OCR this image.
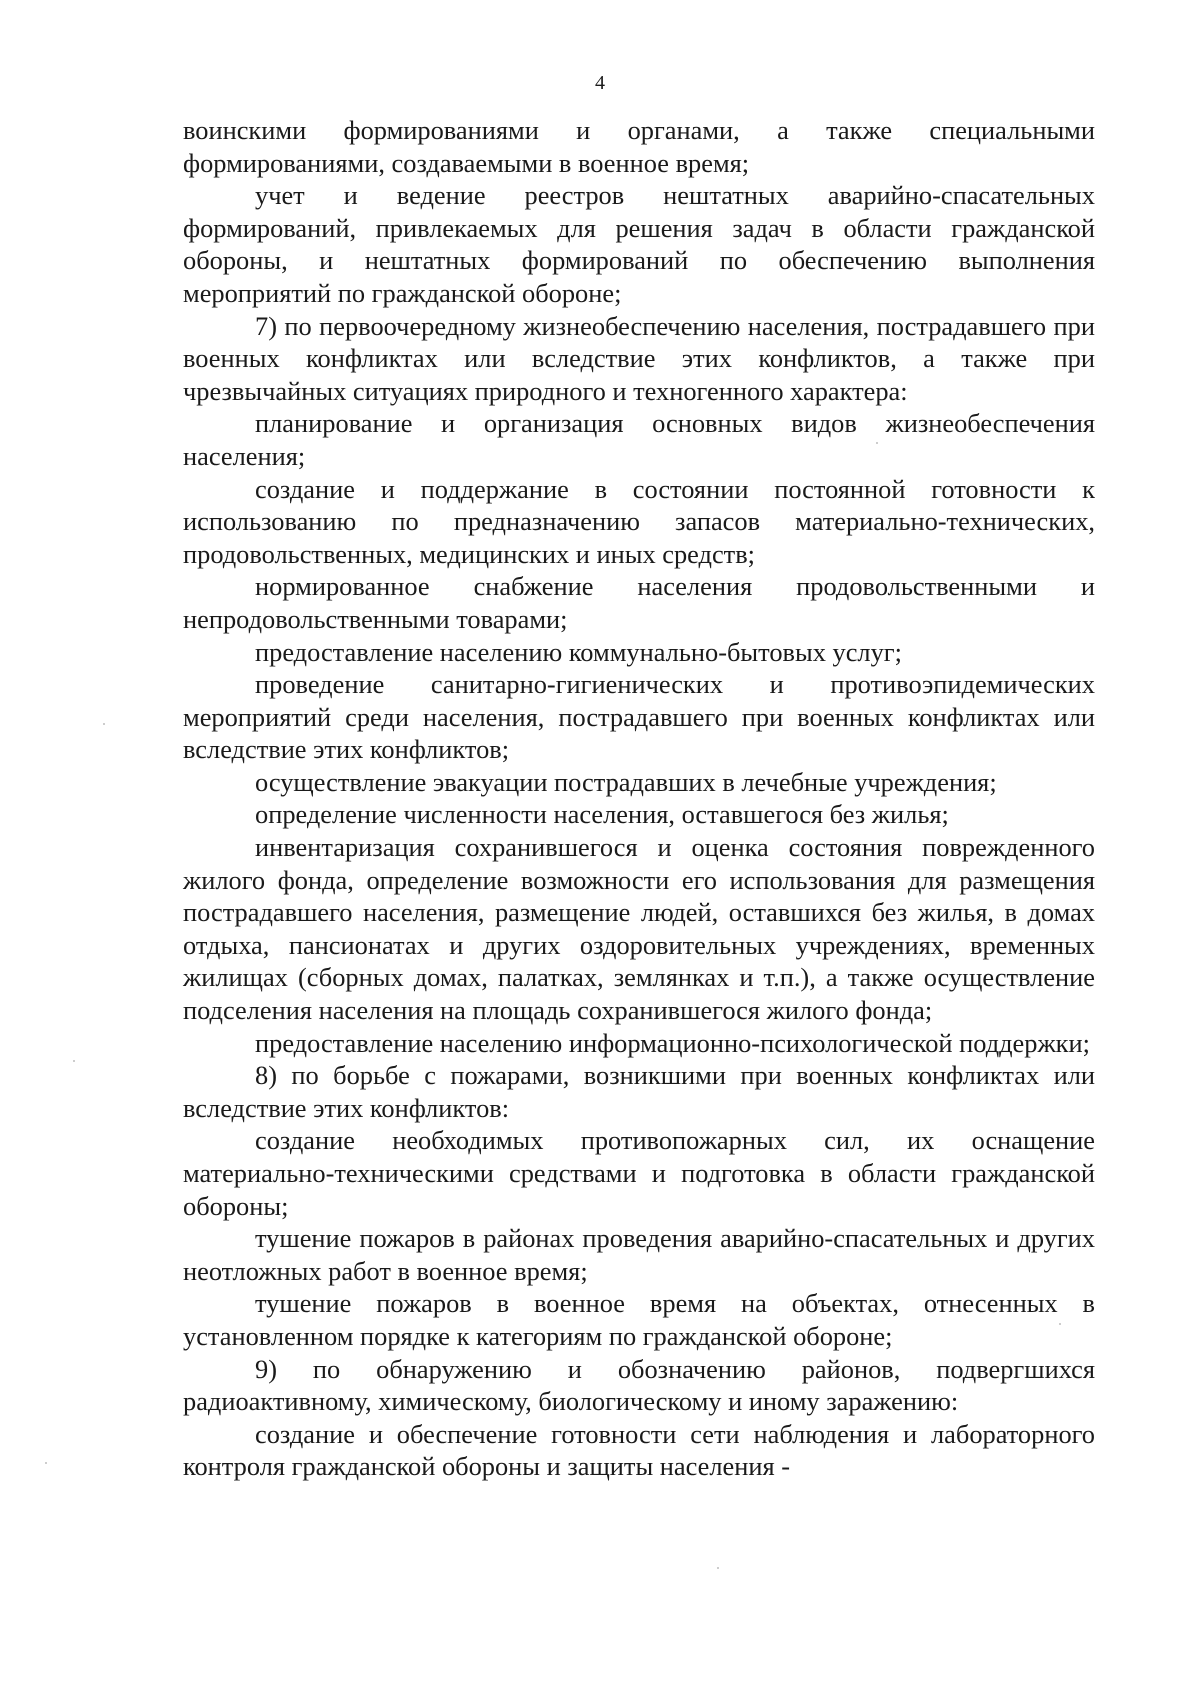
4

воинскими формированиями и органами, а также специальными формированиями, создаваемыми в военное время;

учет и ведение реестров нештатных аварийно-спасательных формирований, привлекаемых для решения задач в области гражданской обороны, и нештатных формирований по обеспечению выполнения мероприятий по гражданской обороне;

7) по первоочередному жизнеобеспечению населения, пострадавшего при военных конфликтах или вследствие этих конфликтов, а также при чрезвычайных ситуациях природного и техногенного характера:

планирование и организация основных видов жизнеобеспечения населения;

создание и поддержание в состоянии постоянной готовности к использованию по предназначению запасов материально-технических, продовольственных, медицинских и иных средств;

нормированное снабжение населения продовольственными и непродовольственными товарами;

предоставление населению коммунально-бытовых услуг;

проведение санитарно-гигиенических и противоэпидемических мероприятий среди населения, пострадавшего при военных конфликтах или вследствие этих конфликтов;

осуществление эвакуации пострадавших в лечебные учреждения;

определение численности населения, оставшегося без жилья;

инвентаризация сохранившегося и оценка состояния поврежденного жилого фонда, определение возможности его использования для размещения пострадавшего населения, размещение людей, оставшихся без жилья, в домах отдыха, пансионатах и других оздоровительных учреждениях, временных жилищах (сборных домах, палатках, землянках и т.п.), а также осуществление подселения населения на площадь сохранившегося жилого фонда;

предоставление населению информационно-психологической поддержки;

8) по борьбе с пожарами, возникшими при военных конфликтах или вследствие этих конфликтов:

создание необходимых противопожарных сил, их оснащение материально-техническими средствами и подготовка в области гражданской обороны;

тушение пожаров в районах проведения аварийно-спасательных и других неотложных работ в военное время;

тушение пожаров в военное время на объектах, отнесенных в установленном порядке к категориям по гражданской обороне;

9) по обнаружению и обозначению районов, подвергшихся радиоактивному, химическому, биологическому и иному заражению:

создание и обеспечение готовности сети наблюдения и лабораторного контроля гражданской обороны и защиты населения -
